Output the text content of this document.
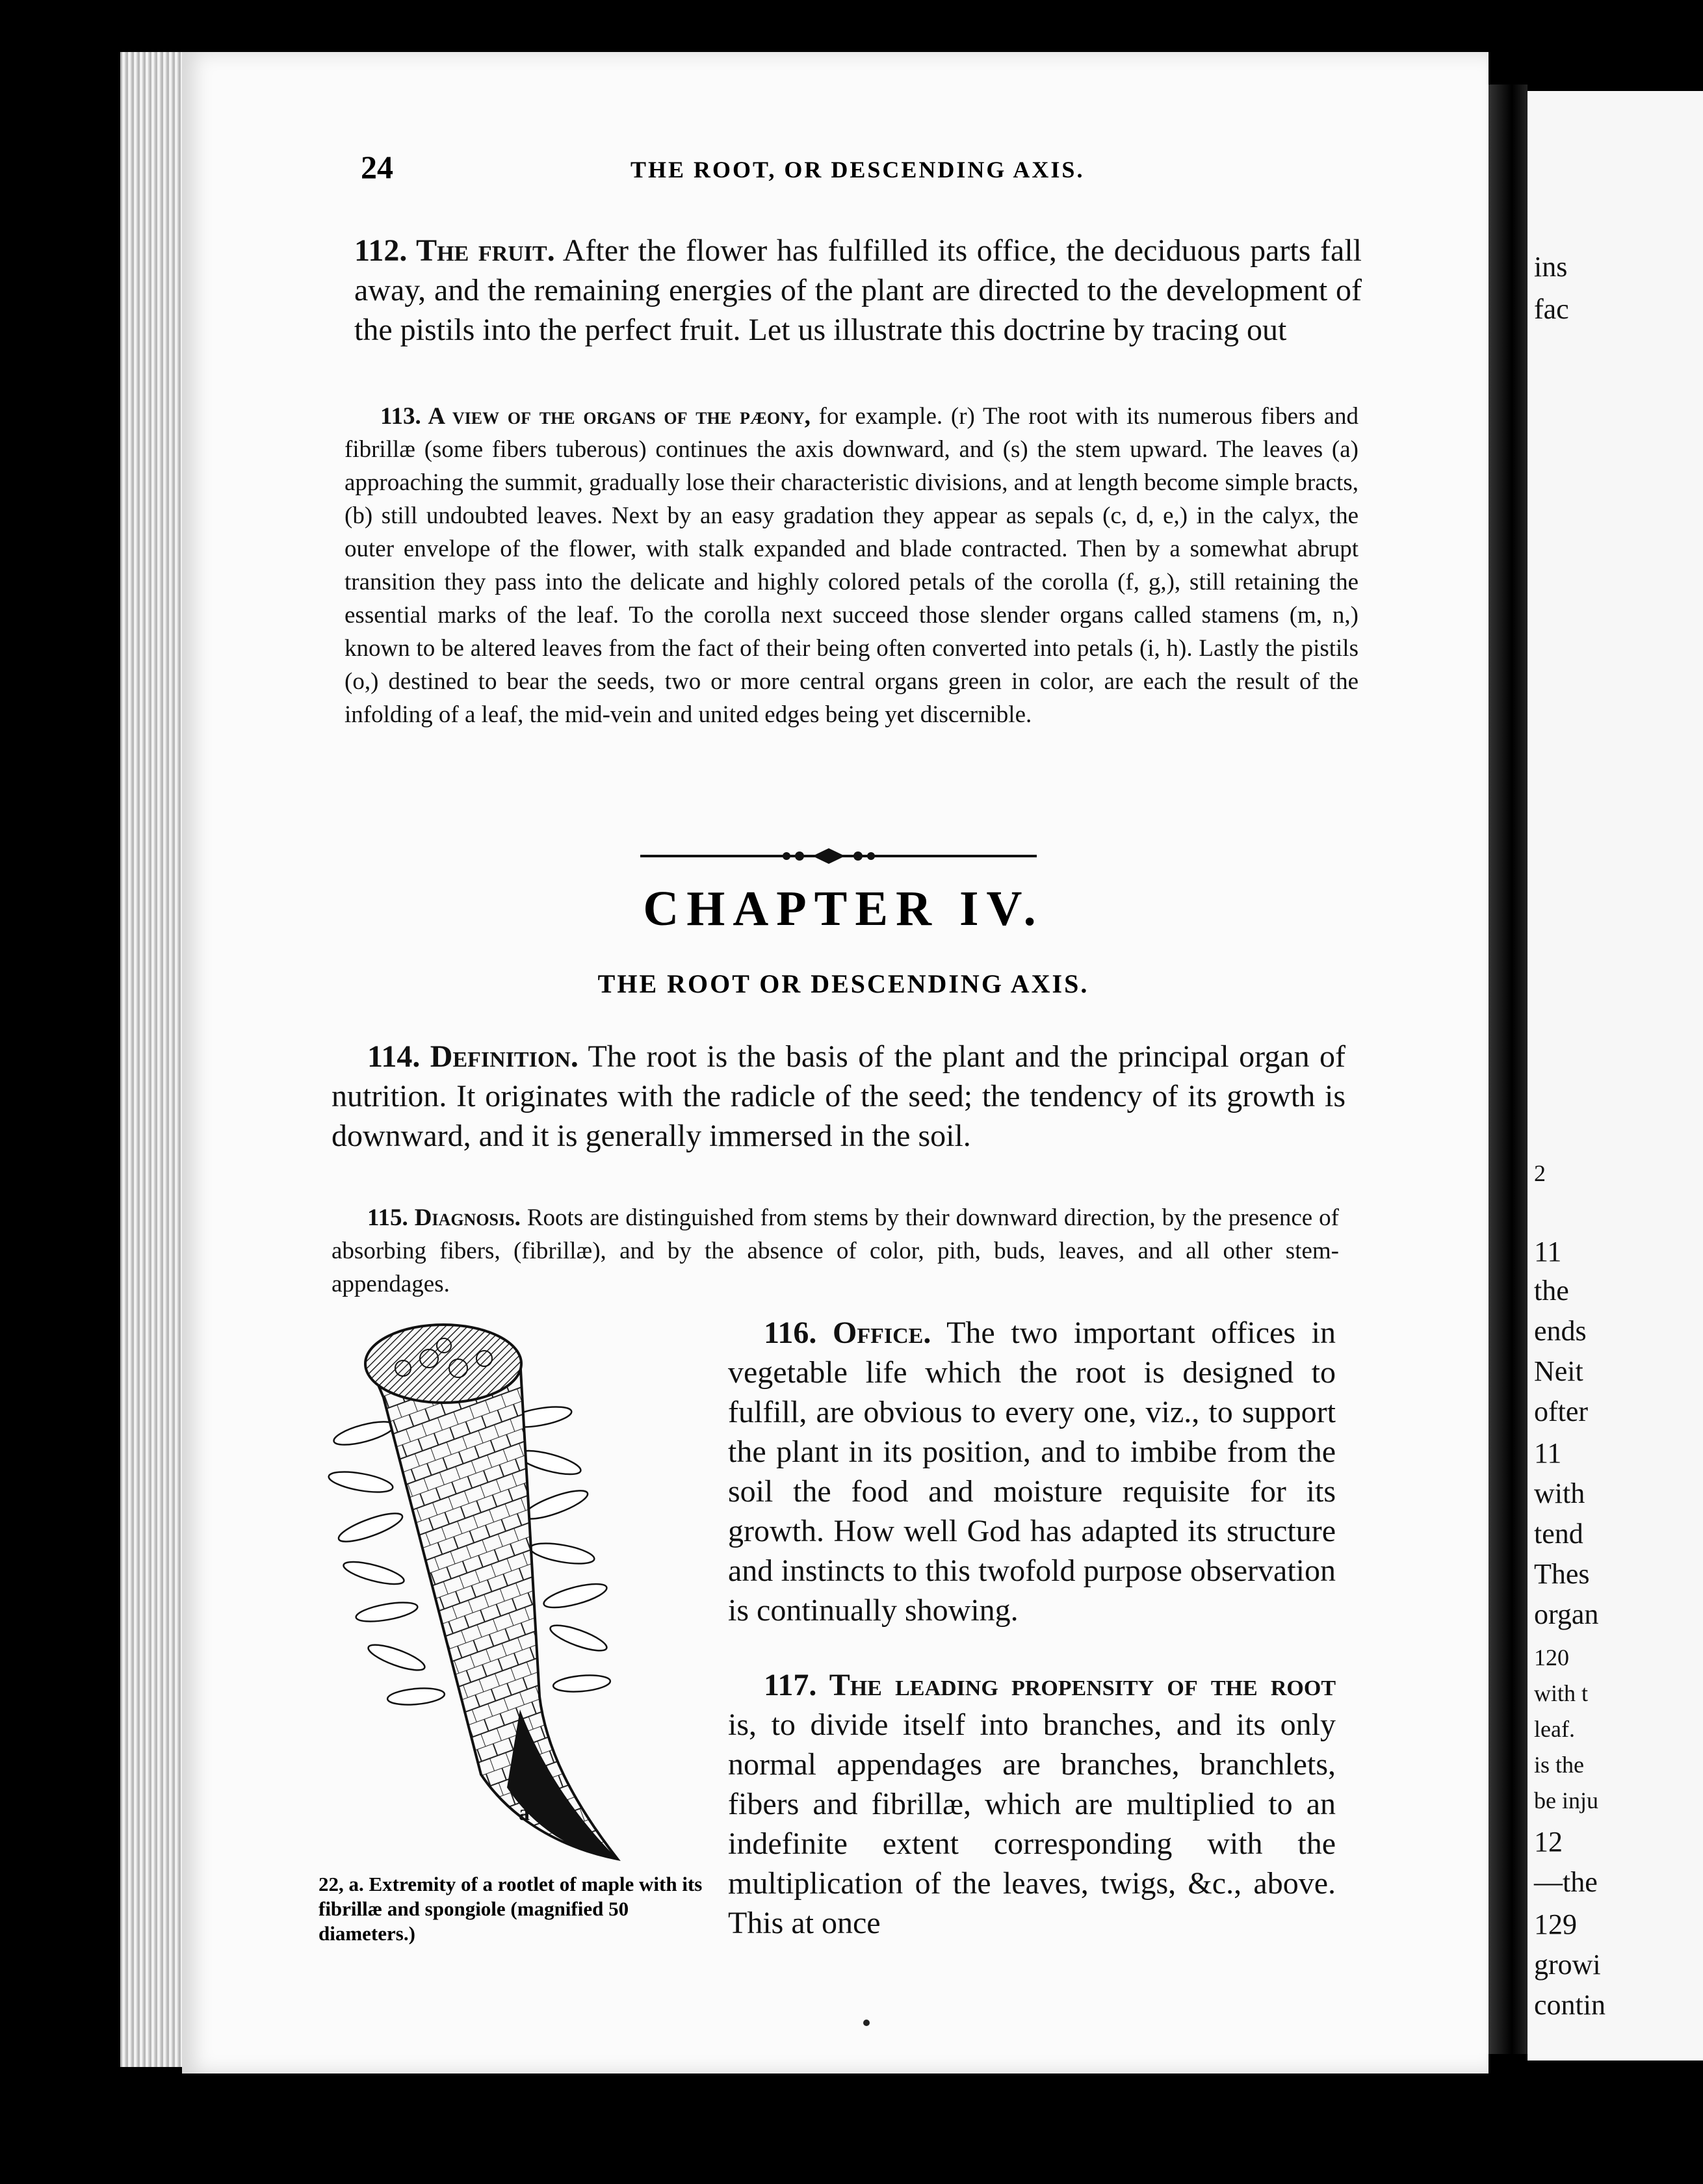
ins
fac
2
11
the
ends
Neit
ofter
11
with
tend
Thes
organ
120
with t
leaf.
is the
be inju
12
—the
129
growi
contin
24	THE ROOT, OR DESCENDING AXIS.
112. The fruit. After the flower has fulfilled its office, the deciduous parts fall away, and the remaining energies of the plant are directed to the development of the pistils into the perfect fruit. Let us illustrate this doctrine by tracing out
113. A view of the organs of the pæony, for example. (r) The root with its numerous fibers and fibrillæ (some fibers tuberous) continues the axis downward, and (s) the stem upward. The leaves (a) approaching the summit, gradually lose their characteristic divisions, and at length become simple bracts, (b) still undoubted leaves. Next by an easy gradation they appear as sepals (c, d, e,) in the calyx, the outer envelope of the flower, with stalk expanded and blade contracted. Then by a somewhat abrupt transition they pass into the delicate and highly colored petals of the corolla (f, g,), still retaining the essential marks of the leaf. To the corolla next succeed those slender organs called stamens (m, n,) known to be altered leaves from the fact of their being often converted into petals (i, h). Lastly the pistils (o,) destined to bear the seeds, two or more central organs green in color, are each the result of the infolding of a leaf, the mid-vein and united edges being yet discernible.
CHAPTER IV.
THE ROOT OR DESCENDING AXIS.
114. Definition. The root is the basis of the plant and the principal organ of nutrition. It originates with the radicle of the seed; the tendency of its growth is downward, and it is generally immersed in the soil.
115. Diagnosis. Roots are distinguished from stems by their downward direction, by the presence of absorbing fibers, (fibrillæ), and by the absence of color, pith, buds, leaves, and all other stem-appendages.
116. Office. The two important offices in vegetable life which the root is designed to fulfill, are obvious to every one, viz., to support the plant in its position, and to imbibe from the soil the food and moisture requisite for its growth. How well God has adapted its structure and instincts to this twofold purpose observation is continually showing.
117. The leading propensity of the root is, to divide itself into branches, and its only normal appendages are branches, branchlets, fibers and fibrillæ, which are multiplied to an indefinite extent corresponding with the multiplication of the leaves, twigs, &c., above. This at once
a
22, a. Extremity of a rootlet of maple with its fibrillæ and spongiole (magnified 50 diameters.)
